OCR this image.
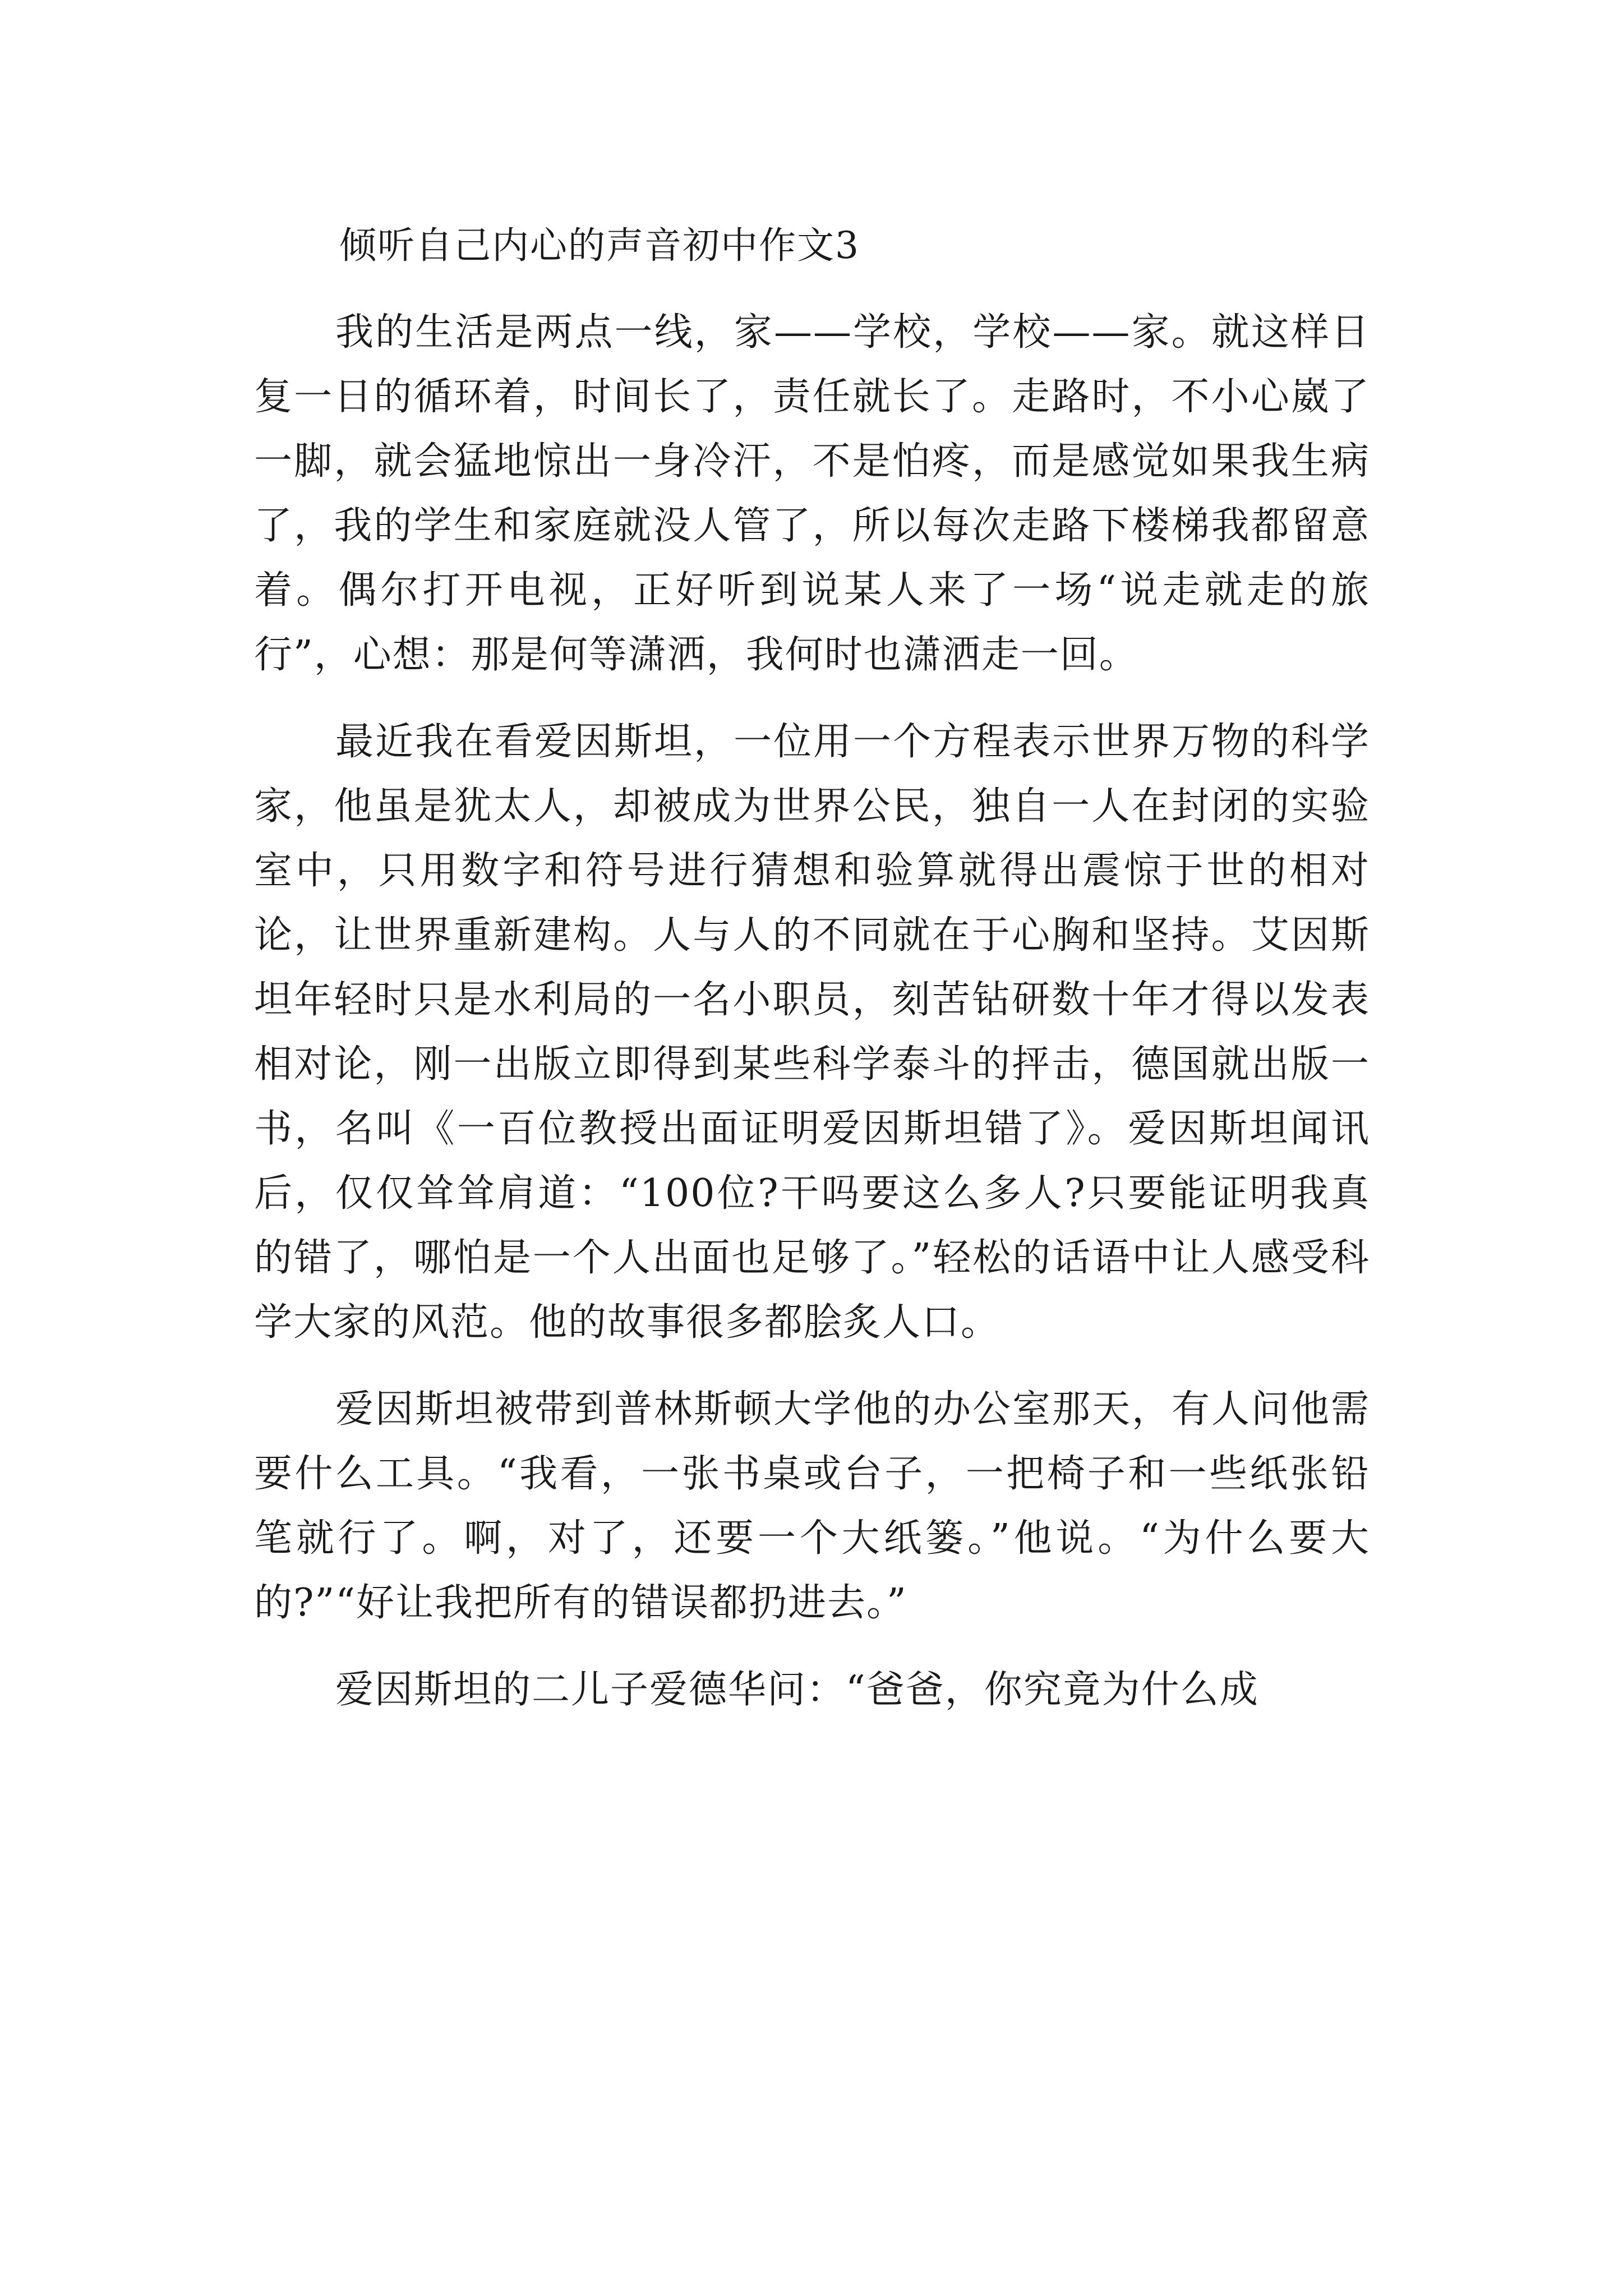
倾听自己内心的声音初中作文3

我的生活是两点一线，家——学校，学校——家。就这样日复一日的循环着，时间长了，责任就长了。走路时，不小心崴了一脚，就会猛地惊出一身冷汗，不是怕疼，而是感觉如果我生病了，我的学生和家庭就没人管了，所以每次走路下楼梯我都留意着。偶尔打开电视，正好听到说某人来了一场“说走就走的旅行”，心想：那是何等潇洒，我何时也潇洒走一回。

最近我在看爱因斯坦，一位用一个方程表示世界万物的科学家，他虽是犹太人，却被成为世界公民，独自一人在封闭的实验室中，只用数字和符号进行猜想和验算就得出震惊于世的相对论，让世界重新建构。人与人的不同就在于心胸和坚持。艾因斯坦年轻时只是水利局的一名小职员，刻苦钻研数十年才得以发表相对论，刚一出版立即得到某些科学泰斗的抨击，德国就出版一书，名叫《一百位教授出面证明爱因斯坦错了》。爱因斯坦闻讯后，仅仅耸耸肩道：“100位?干吗要这么多人?只要能证明我真的错了，哪怕是一个人出面也足够了。”轻松的话语中让人感受科学大家的风范。他的故事很多都脍炙人口。

爱因斯坦被带到普林斯顿大学他的办公室那天，有人问他需要什么工具。“我看，一张书桌或台子，一把椅子和一些纸张铅笔就行了。啊，对了，还要一个大纸篓。”他说。“为什么要大的?”“好让我把所有的错误都扔进去。”

爱因斯坦的二儿子爱德华问：“爸爸，你究竟为什么成
